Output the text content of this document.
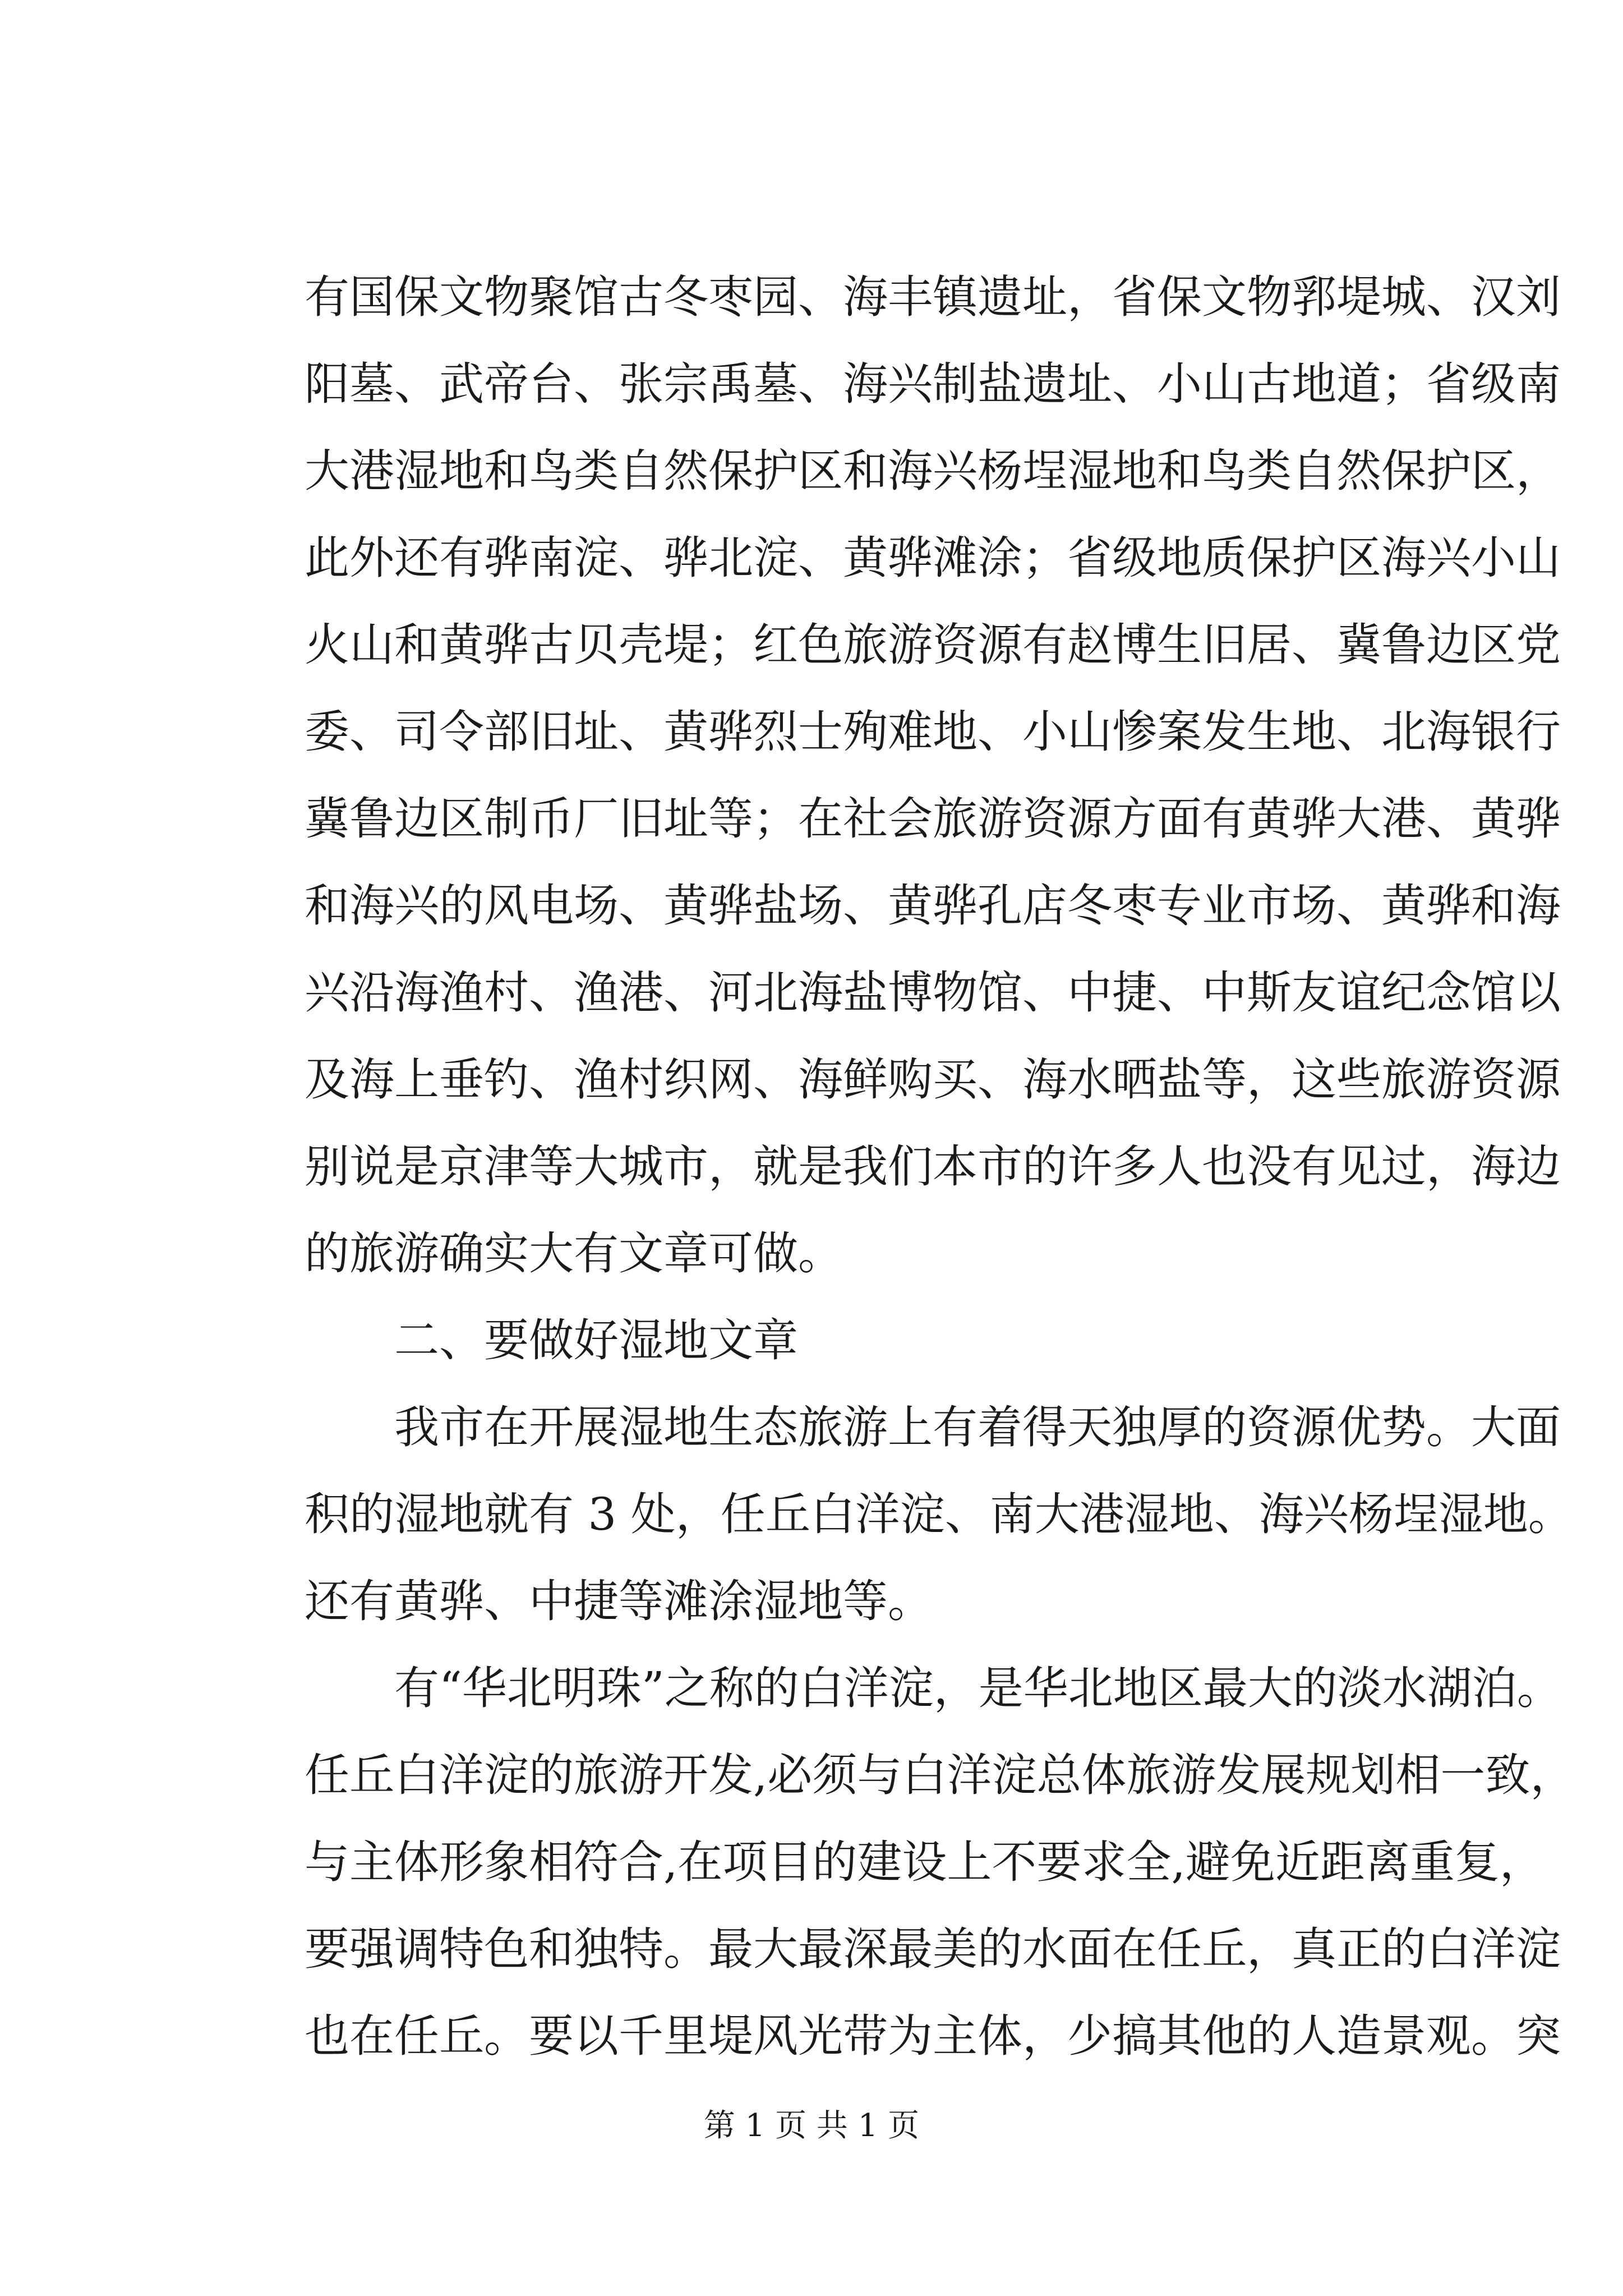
有国保文物聚馆古冬枣园、海丰镇遗址，省保文物郛堤城、汉刘
阳墓、武帝台、张宗禹墓、海兴制盐遗址、小山古地道；省级南
大港湿地和鸟类自然保护区和海兴杨埕湿地和鸟类自然保护区，
此外还有骅南淀、骅北淀、黄骅滩涂；省级地质保护区海兴小山
火山和黄骅古贝壳堤；红色旅游资源有赵博生旧居、冀鲁边区党
委、司令部旧址、黄骅烈士殉难地、小山惨案发生地、北海银行
冀鲁边区制币厂旧址等；在社会旅游资源方面有黄骅大港、黄骅
和海兴的风电场、黄骅盐场、黄骅孔店冬枣专业市场、黄骅和海
兴沿海渔村、渔港、河北海盐博物馆、中捷、中斯友谊纪念馆以
及海上垂钓、渔村织网、海鲜购买、海水晒盐等，这些旅游资源
别说是京津等大城市，就是我们本市的许多人也没有见过，海边
的旅游确实大有文章可做。
二、要做好湿地文章
我市在开展湿地生态旅游上有着得天独厚的资源优势。大面
积的湿地就有 3 处，任丘白洋淀、南大港湿地、海兴杨埕湿地。
还有黄骅、中捷等滩涂湿地等。
有“华北明珠”之称的白洋淀，是华北地区最大的淡水湖泊。
任丘白洋淀的旅游开发,必须与白洋淀总体旅游发展规划相一致，
与主体形象相符合,在项目的建设上不要求全,避免近距离重复，
要强调特色和独特。最大最深最美的水面在任丘，真正的白洋淀
也在任丘。要以千里堤风光带为主体，少搞其他的人造景观。突
第 1 页 共 1 页
